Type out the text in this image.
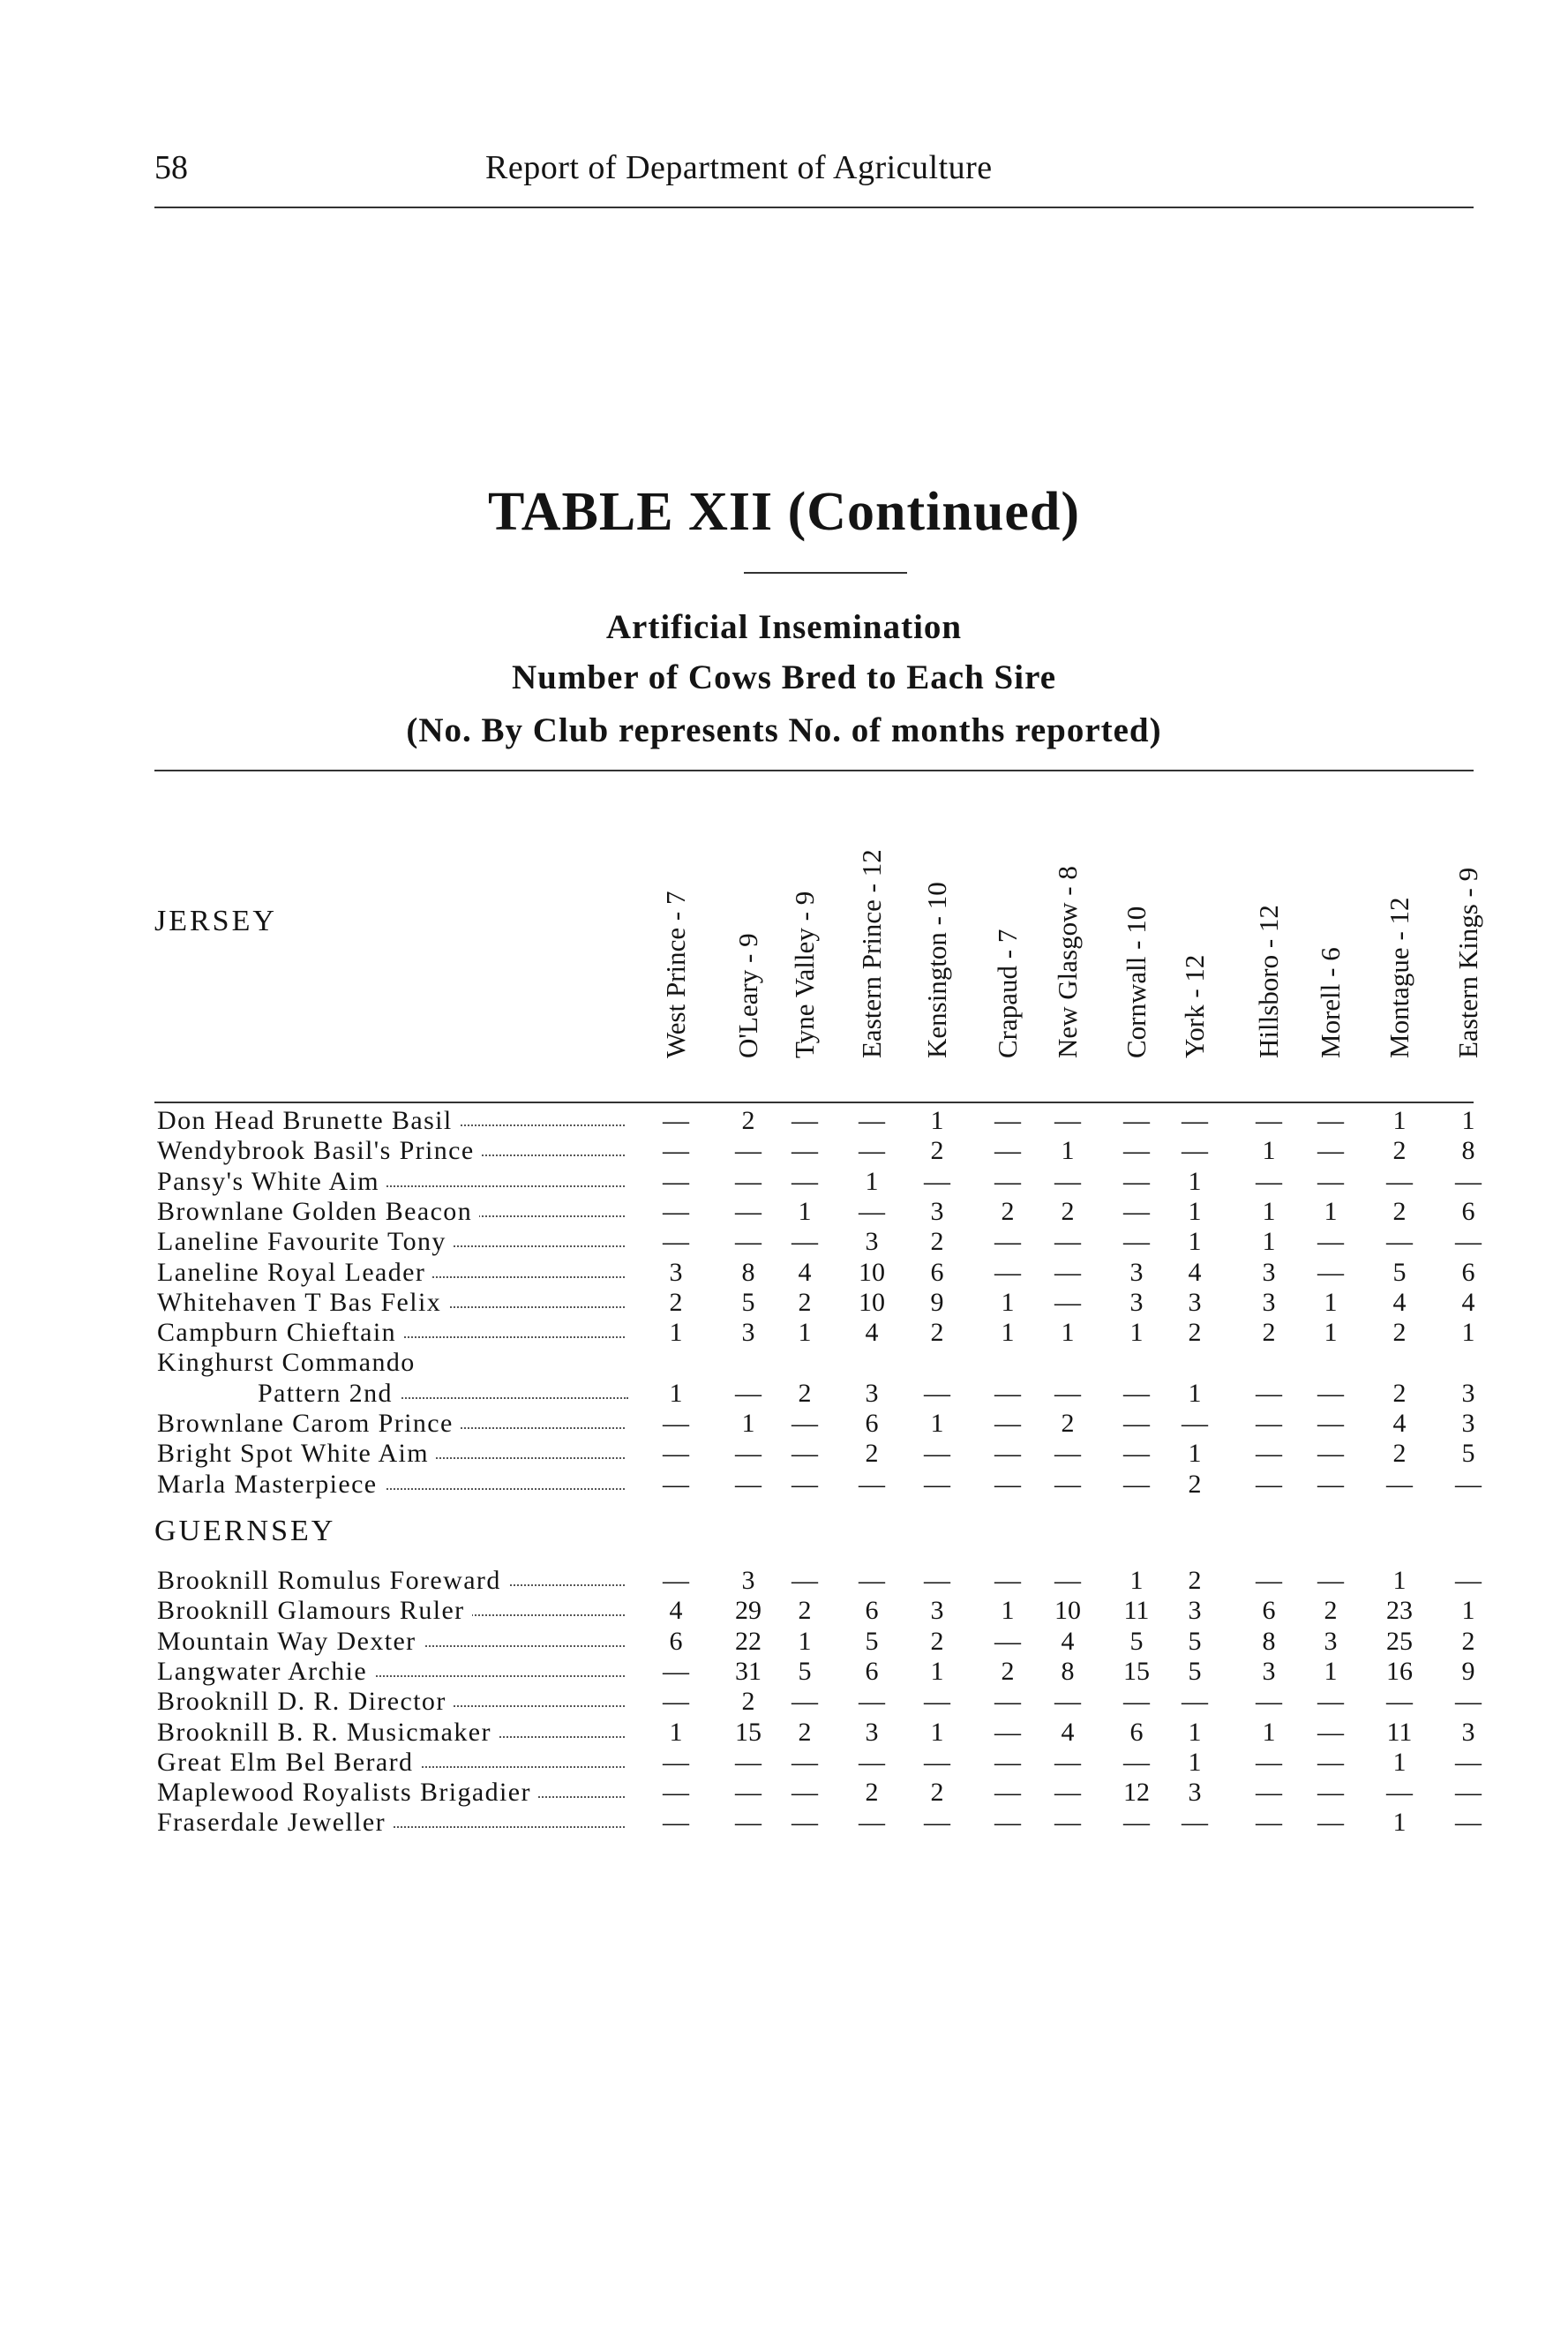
58	Report of Department of Agriculture
TABLE XII (Continued)
Artificial Insemination
Number of Cows Bred to Each Sire
(No. By Club represents No. of months reported)
West Prince - 7 O'Leary - 9 Tyne Valley - 9 Eastern Prince - 12 Kensington - 10 Crapaud - 7 New Glasgow - 8 Cornwall - 10 York - 12 Hillsboro - 12 Morell - 6 Montague - 12 Eastern Kings - 9
JERSEY
Don Head Brunette Basil	—	2	—	—	1	—	—	—	—	—	—	1	1
Wendybrook Basil's Prince	—	—	—	—	2	—	1	—	—	1	—	2	8
Pansy's White Aim	—	—	—	1	—	—	—	—	1	—	—	—	—
Brownlane Golden Beacon	—	—	1	—	3	2	2	—	1	1	1	2	6
Laneline Favourite Tony	—	—	—	3	2	—	—	—	1	1	—	—	—
Laneline Royal Leader	3	8	4	10	6	—	—	3	4	3	—	5	6
Whitehaven T Bas Felix	2	5	2	10	9	1	—	3	3	3	1	4	4
Campburn Chieftain	1	3	1	4	2	1	1	1	2	2	1	2	1
Kinghurst Commando
Pattern 2nd	1	—	2	3	—	—	—	—	1	—	—	2	3
Brownlane Carom Prince	—	1	—	6	1	—	2	—	—	—	—	4	3
Bright Spot White Aim	—	—	—	2	—	—	—	—	1	—	—	2	5
Marla Masterpiece	—	—	—	—	—	—	—	—	2	—	—	—	—
GUERNSEY
Brooknill Romulus Foreward	—	3	—	—	—	—	—	1	2	—	—	1	—
Brooknill Glamours Ruler	4	29	2	6	3	1	10	11	3	6	2	23	1
Mountain Way Dexter	6	22	1	5	2	—	4	5	5	8	3	25	2
Langwater Archie	—	31	5	6	1	2	8	15	5	3	1	16	9
Brooknill D. R. Director	—	2	—	—	—	—	—	—	—	—	—	—	—
Brooknill B. R. Musicmaker	1	15	2	3	1	—	4	6	1	1	—	11	3
Great Elm Bel Berard	—	—	—	—	—	—	—	—	1	—	—	1	—
Maplewood Royalists Brigadier	—	—	—	2	2	—	—	12	3	—	—	—	—
Fraserdale Jeweller	—	—	—	—	—	—	—	—	—	—	—	1	—
